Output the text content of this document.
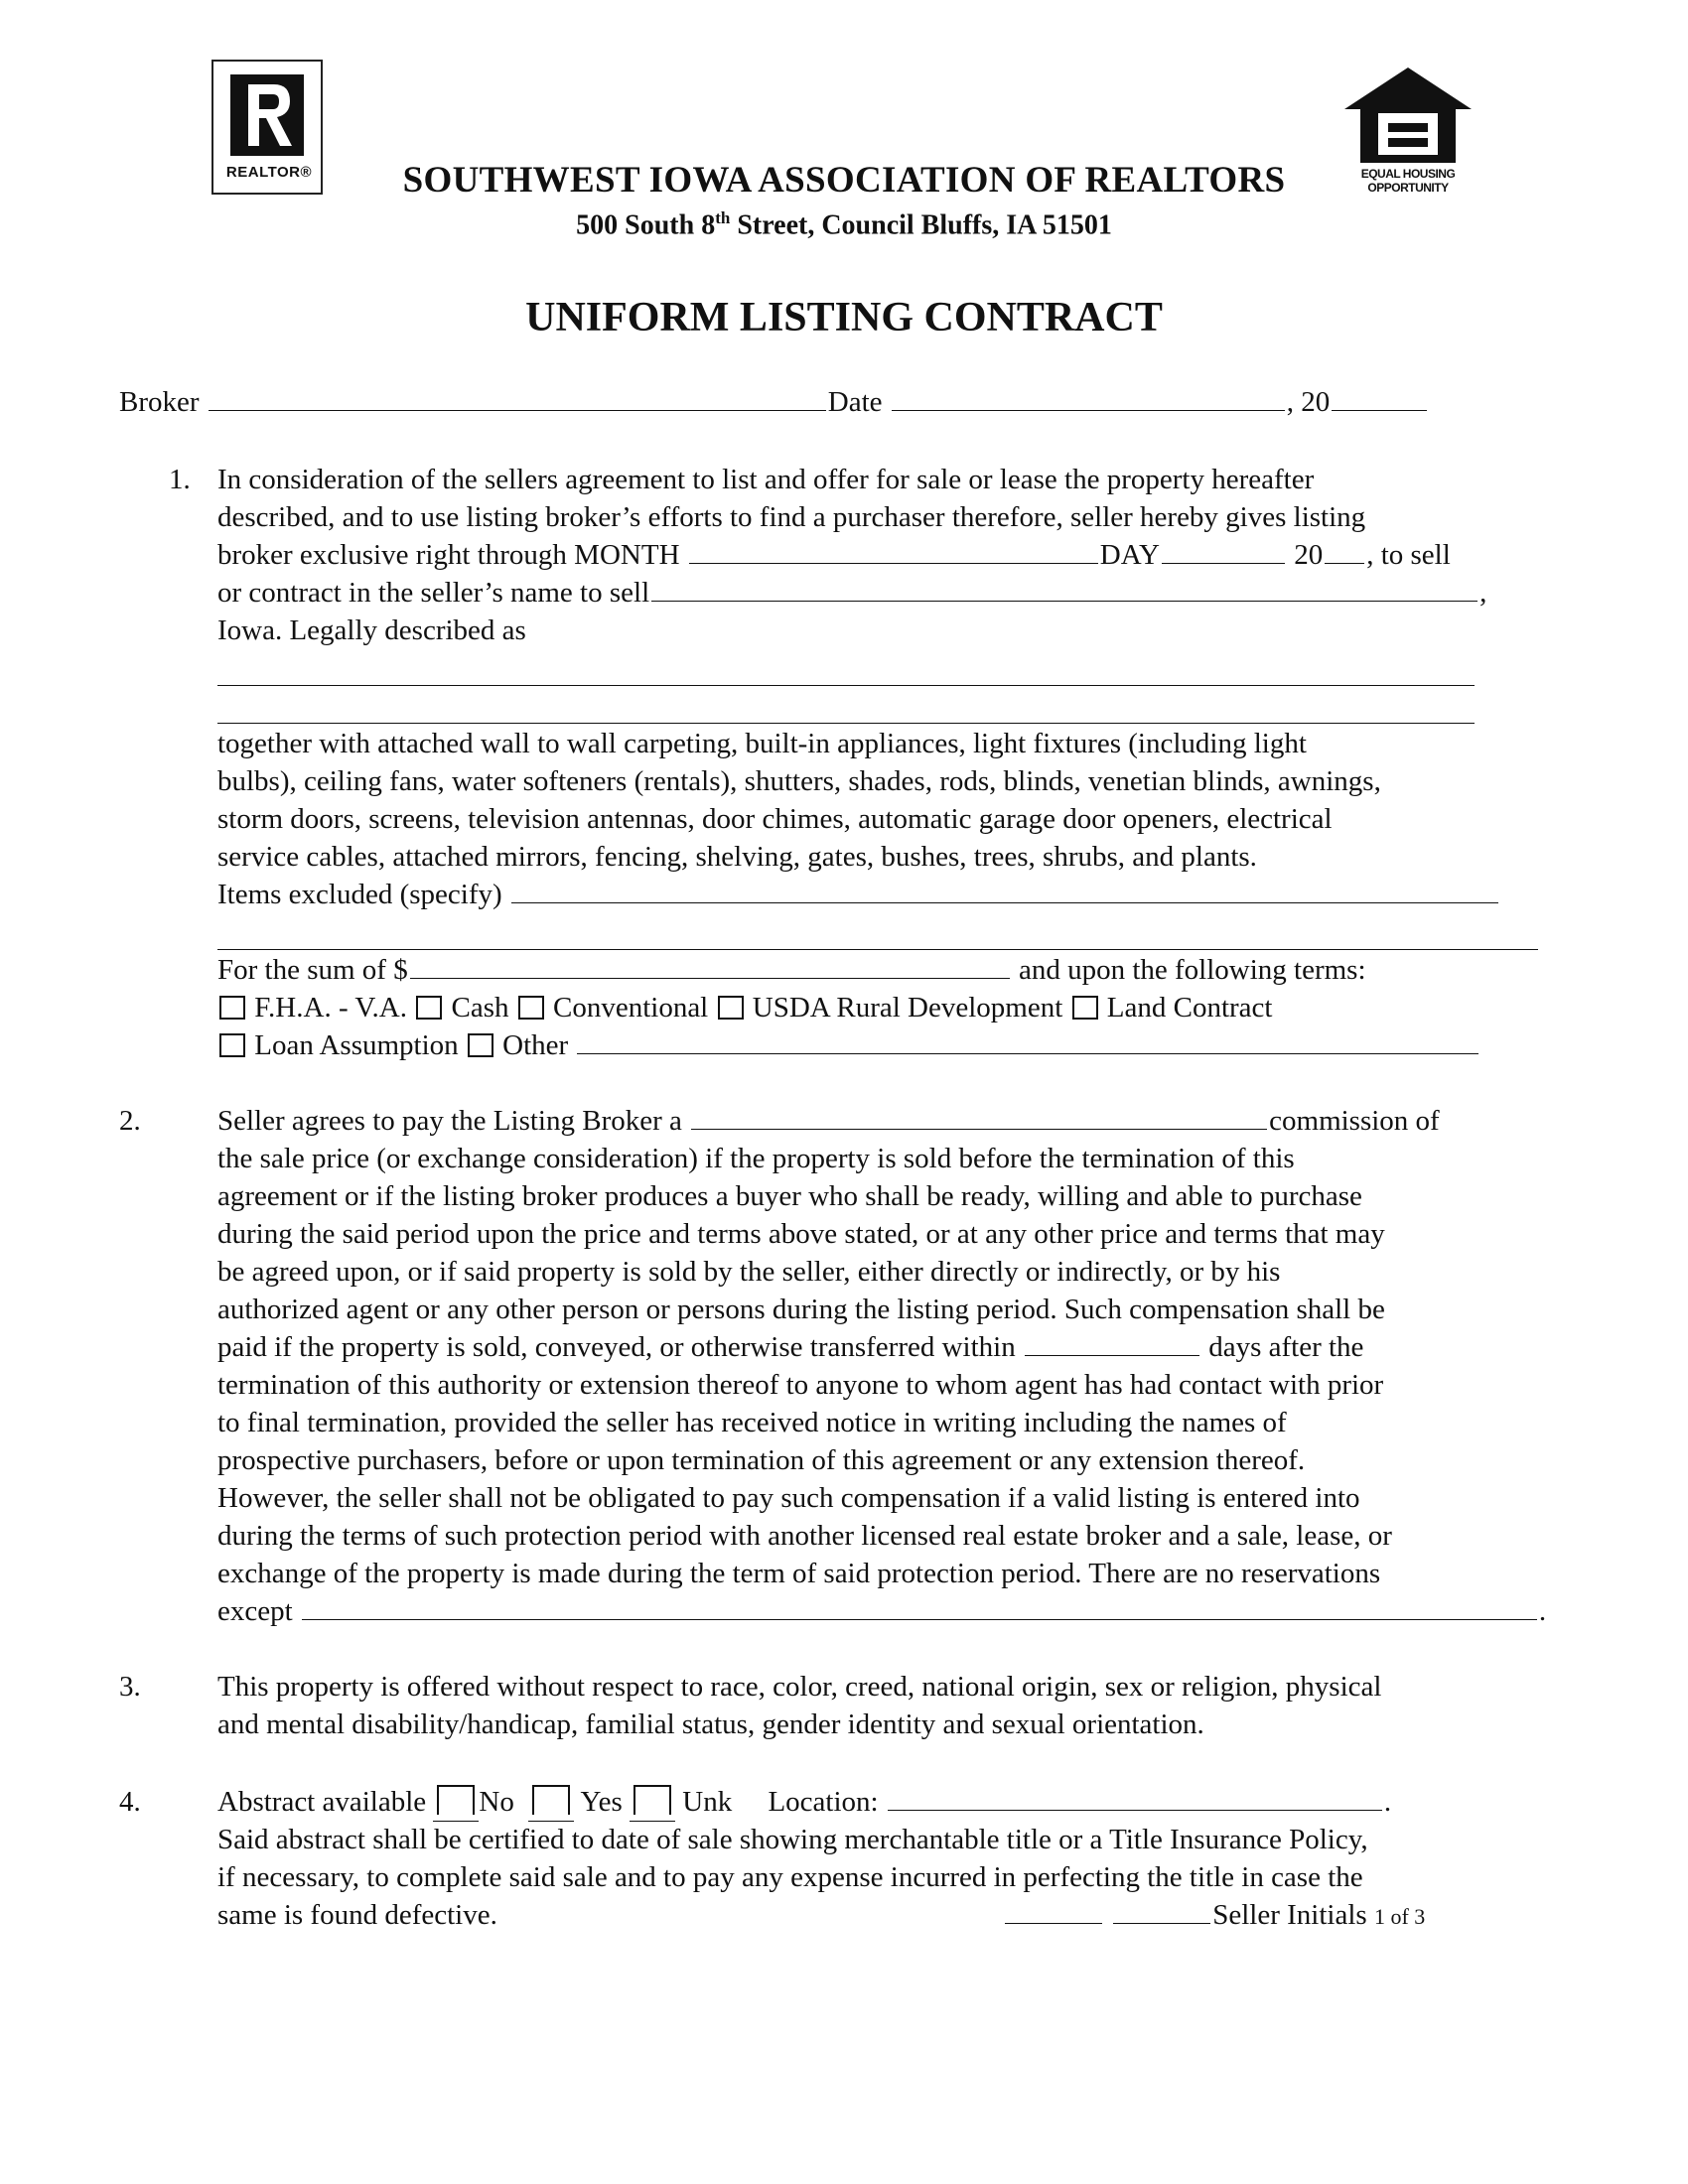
REALTOR®	EQUAL HOUSING OPPORTUNITY
SOUTHWEST IOWA ASSOCIATION OF REALTORS
500 South 8th Street, Council Bluffs, IA 51501
UNIFORM LISTING CONTRACT
Broker	Date	, 20
1. In consideration of the sellers agreement to list and offer for sale or lease the property hereafter
described, and to use listing broker’s efforts to find a purchaser therefore, seller hereby gives listing
broker exclusive right through MONTH	DAY	20 , to sell
or contract in the seller’s name to sell	,
Iowa. Legally described as
together with attached wall to wall carpeting, built-in appliances, light fixtures (including light
bulbs), ceiling fans, water softeners (rentals), shutters, shades, rods, blinds, venetian blinds, awnings,
storm doors, screens, television antennas, door chimes, automatic garage door openers, electrical
service cables, attached mirrors, fencing, shelving, gates, bushes, trees, shrubs, and plants.
Items excluded (specify)
For the sum of $	and upon the following terms:
F.H.A. - V.A. Cash Conventional USDA Rural Development Land Contract
Loan Assumption Other
2.	Seller agrees to pay the Listing Broker a	commission of
the sale price (or exchange consideration) if the property is sold before the termination of this
agreement or if the listing broker produces a buyer who shall be ready, willing and able to purchase
during the said period upon the price and terms above stated, or at any other price and terms that may
be agreed upon, or if said property is sold by the seller, either directly or indirectly, or by his
authorized agent or any other person or persons during the listing period. Such compensation shall be
paid if the property is sold, conveyed, or otherwise transferred within	days after the
termination of this authority or extension thereof to anyone to whom agent has had contact with prior
to final termination, provided the seller has received notice in writing including the names of
prospective purchasers, before or upon termination of this agreement or any extension thereof.
However, the seller shall not be obligated to pay such compensation if a valid listing is entered into
during the terms of such protection period with another licensed real estate broker and a sale, lease, or
exchange of the property is made during the term of said protection period. There are no reservations
except	.
3.	This property is offered without respect to race, color, creed, national origin, sex or religion, physical
and mental disability/handicap, familial status, gender identity and sexual orientation.
4.	Abstract available No Yes Unk Location:	.
Said abstract shall be certified to date of sale showing merchantable title or a Title Insurance Policy,
if necessary, to complete said sale and to pay any expense incurred in perfecting the title in case the
same is found defective.	Seller Initials 1 of 3
